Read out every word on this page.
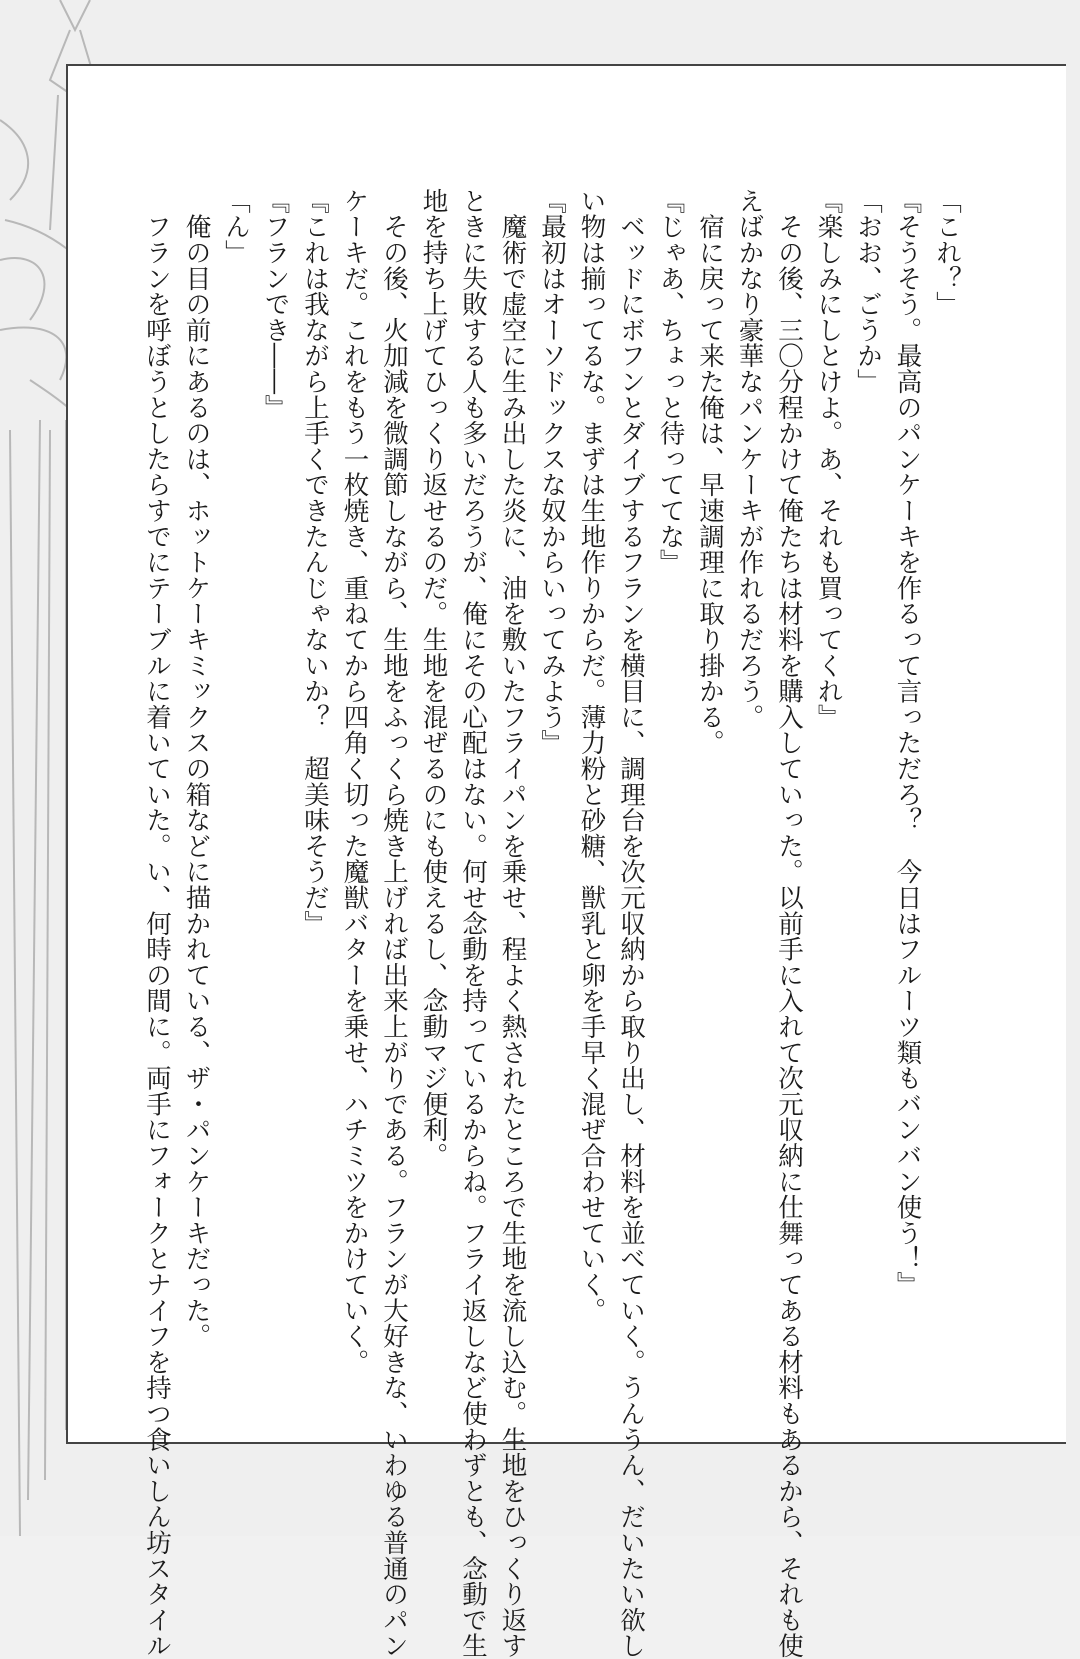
「これ？」

『そうそう。最高のパンケーキを作るって言っただろ？　今日はフルーツ類もバンバン使う！』

「おお、ごうか」

『楽しみにしとけよ。あ、それも買ってくれ』

　その後、三〇分程かけて俺たちは材料を購入していった。以前手に入れて次元収納に仕舞ってある材料もあるから、それも使

えばかなり豪華なパンケーキが作れるだろう。

　宿に戻って来た俺は、早速調理に取り掛かる。

『じゃあ、ちょっと待っててな』

　ベッドにボフンとダイブするフランを横目に、調理台を次元収納から取り出し、材料を並べていく。うんうん、だいたい欲し

い物は揃ってるな。まずは生地作りからだ。薄力粉と砂糖、獣乳と卵を手早く混ぜ合わせていく。

『最初はオーソドックスな奴からいってみよう』

　魔術で虚空に生み出した炎に、油を敷いたフライパンを乗せ、程よく熱されたところで生地を流し込む。生地をひっくり返す

ときに失敗する人も多いだろうが、俺にその心配はない。何せ念動を持っているからね。フライ返しなど使わずとも、念動で生

地を持ち上げてひっくり返せるのだ。生地を混ぜるのにも使えるし、念動マジ便利。

　その後、火加減を微調節しながら、生地をふっくら焼き上げれば出来上がりである。フランが大好きな、いわゆる普通のパン

ケーキだ。これをもう一枚焼き、重ねてから四角く切った魔獣バターを乗せ、ハチミツをかけていく。

『これは我ながら上手くできたんじゃないか？　超美味そうだ』

『フランでき――』

「ん」

　俺の目の前にあるのは、ホットケーキミックスの箱などに描かれている、ザ・パンケーキだった。

　フランを呼ぼうとしたらすでにテーブルに着いていた。い、何時の間に。両手にフォークとナイフを持つ食いしん坊スタイル
